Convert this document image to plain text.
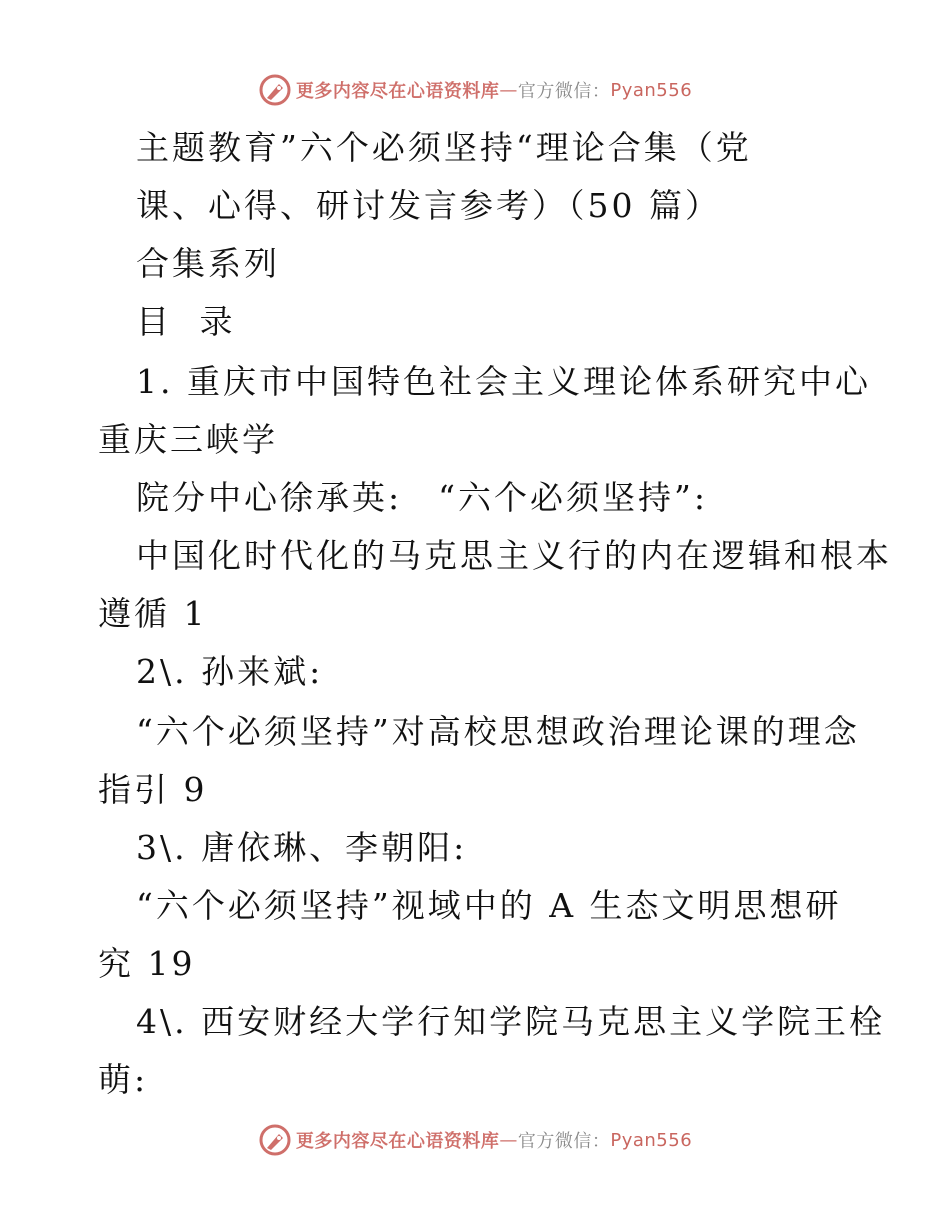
更多内容尽在心语资料库 — 官方微信： Pyan556
主题教育”六个必须坚持“理论合集（党
课、心得、研讨发言参考）（50 篇）
合集系列
目 录
1. 重庆市中国特色社会主义理论体系研究中心
重庆三峡学
院分中心徐承英:　“六个必须坚持”:
中国化时代化的马克思主义行的内在逻辑和根本
遵循 1
2\. 孙来斌:
“六个必须坚持”对高校思想政治理论课的理念
指引 9
3\. 唐依琳、李朝阳:
“六个必须坚持”视域中的 A 生态文明思想研
究 19
4\. 西安财经大学行知学院马克思主义学院王栓
萌:
更多内容尽在心语资料库 — 官方微信： Pyan556
